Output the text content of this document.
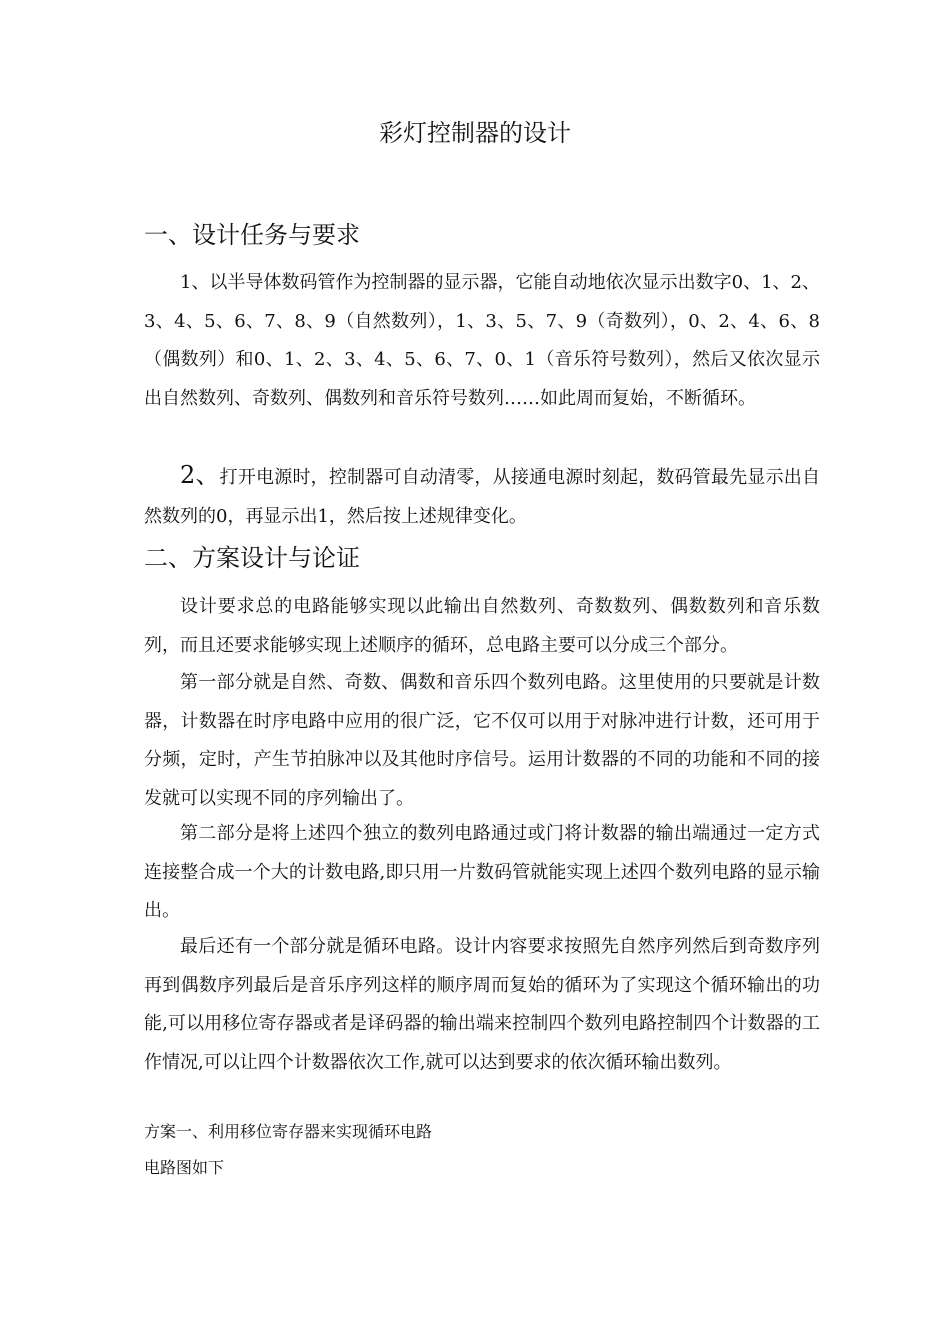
彩灯控制器的设计
一、设计任务与要求

1、以半导体数码管作为控制器的显示器，它能自动地依次显示出数字0、1、2、3、4、5、6、7、8、9（自然数列），1、3、5、7、9（奇数列），0、2、4、6、8（偶数列）和0、1、2、3、4、5、6、7、0、1（音乐符号数列），然后又依次显示出自然数列、奇数列、偶数列和音乐符号数列……如此周而复始，不断循环。

2、打开电源时，控制器可自动清零，从接通电源时刻起，数码管最先显示出自然数列的0，再显示出1，然后按上述规律变化。

二、方案设计与论证

设计要求总的电路能够实现以此输出自然数列、奇数数列、偶数数列和音乐数列，而且还要求能够实现上述顺序的循环，总电路主要可以分成三个部分。

第一部分就是自然、奇数、偶数和音乐四个数列电路。这里使用的只要就是计数器，计数器在时序电路中应用的很广泛，它不仅可以用于对脉冲进行计数，还可用于分频，定时，产生节拍脉冲以及其他时序信号。运用计数器的不同的功能和不同的接发就可以实现不同的序列输出了。

第二部分是将上述四个独立的数列电路通过或门将计数器的输出端通过一定方式连接整合成一个大的计数电路,即只用一片数码管就能实现上述四个数列电路的显示输出。

最后还有一个部分就是循环电路。设计内容要求按照先自然序列然后到奇数序列再到偶数序列最后是音乐序列这样的顺序周而复始的循环为了实现这个循环输出的功能,可以用移位寄存器或者是译码器的输出端来控制四个数列电路控制四个计数器的工作情况,可以让四个计数器依次工作,就可以达到要求的依次循环输出数列。

方案一、利用移位寄存器来实现循环电路

电路图如下
